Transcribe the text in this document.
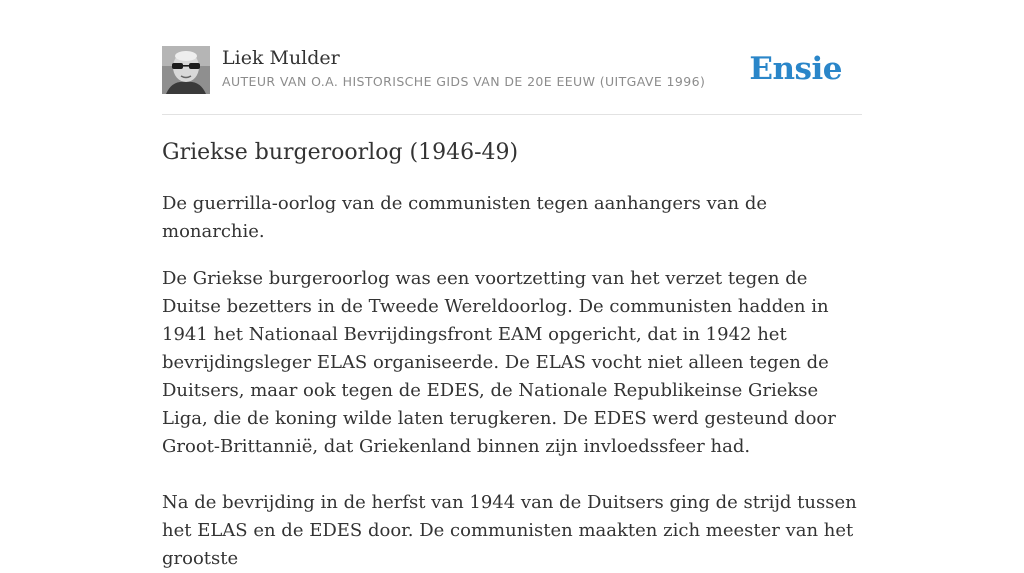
Liek Mulder
AUTEUR VAN O.A. HISTORISCHE GIDS VAN DE 20E EEUW (UITGAVE 1996) Ensie
Griekse burgeroorlog (1946-49)

De guerrilla-oorlog van de communisten tegen aanhangers van de monarchie.

De Griekse burgeroorlog was een voortzetting van het verzet tegen de Duitse bezetters in de Tweede Wereldoorlog. De communisten hadden in 1941 het Nationaal Bevrijdingsfront EAM opgericht, dat in 1942 het bevrijdingsleger ELAS organiseerde. De ELAS vocht niet alleen tegen de Duitsers, maar ook tegen de EDES, de Nationale Republikeinse Griekse Liga, die de koning wilde laten terugkeren. De EDES werd gesteund door Groot-Brittannië, dat Griekenland binnen zijn invloedssfeer had.

Na de bevrijding in de herfst van 1944 van de Duitsers ging de strijd tussen het ELAS en de EDES door. De communisten maakten zich meester van het grootste
